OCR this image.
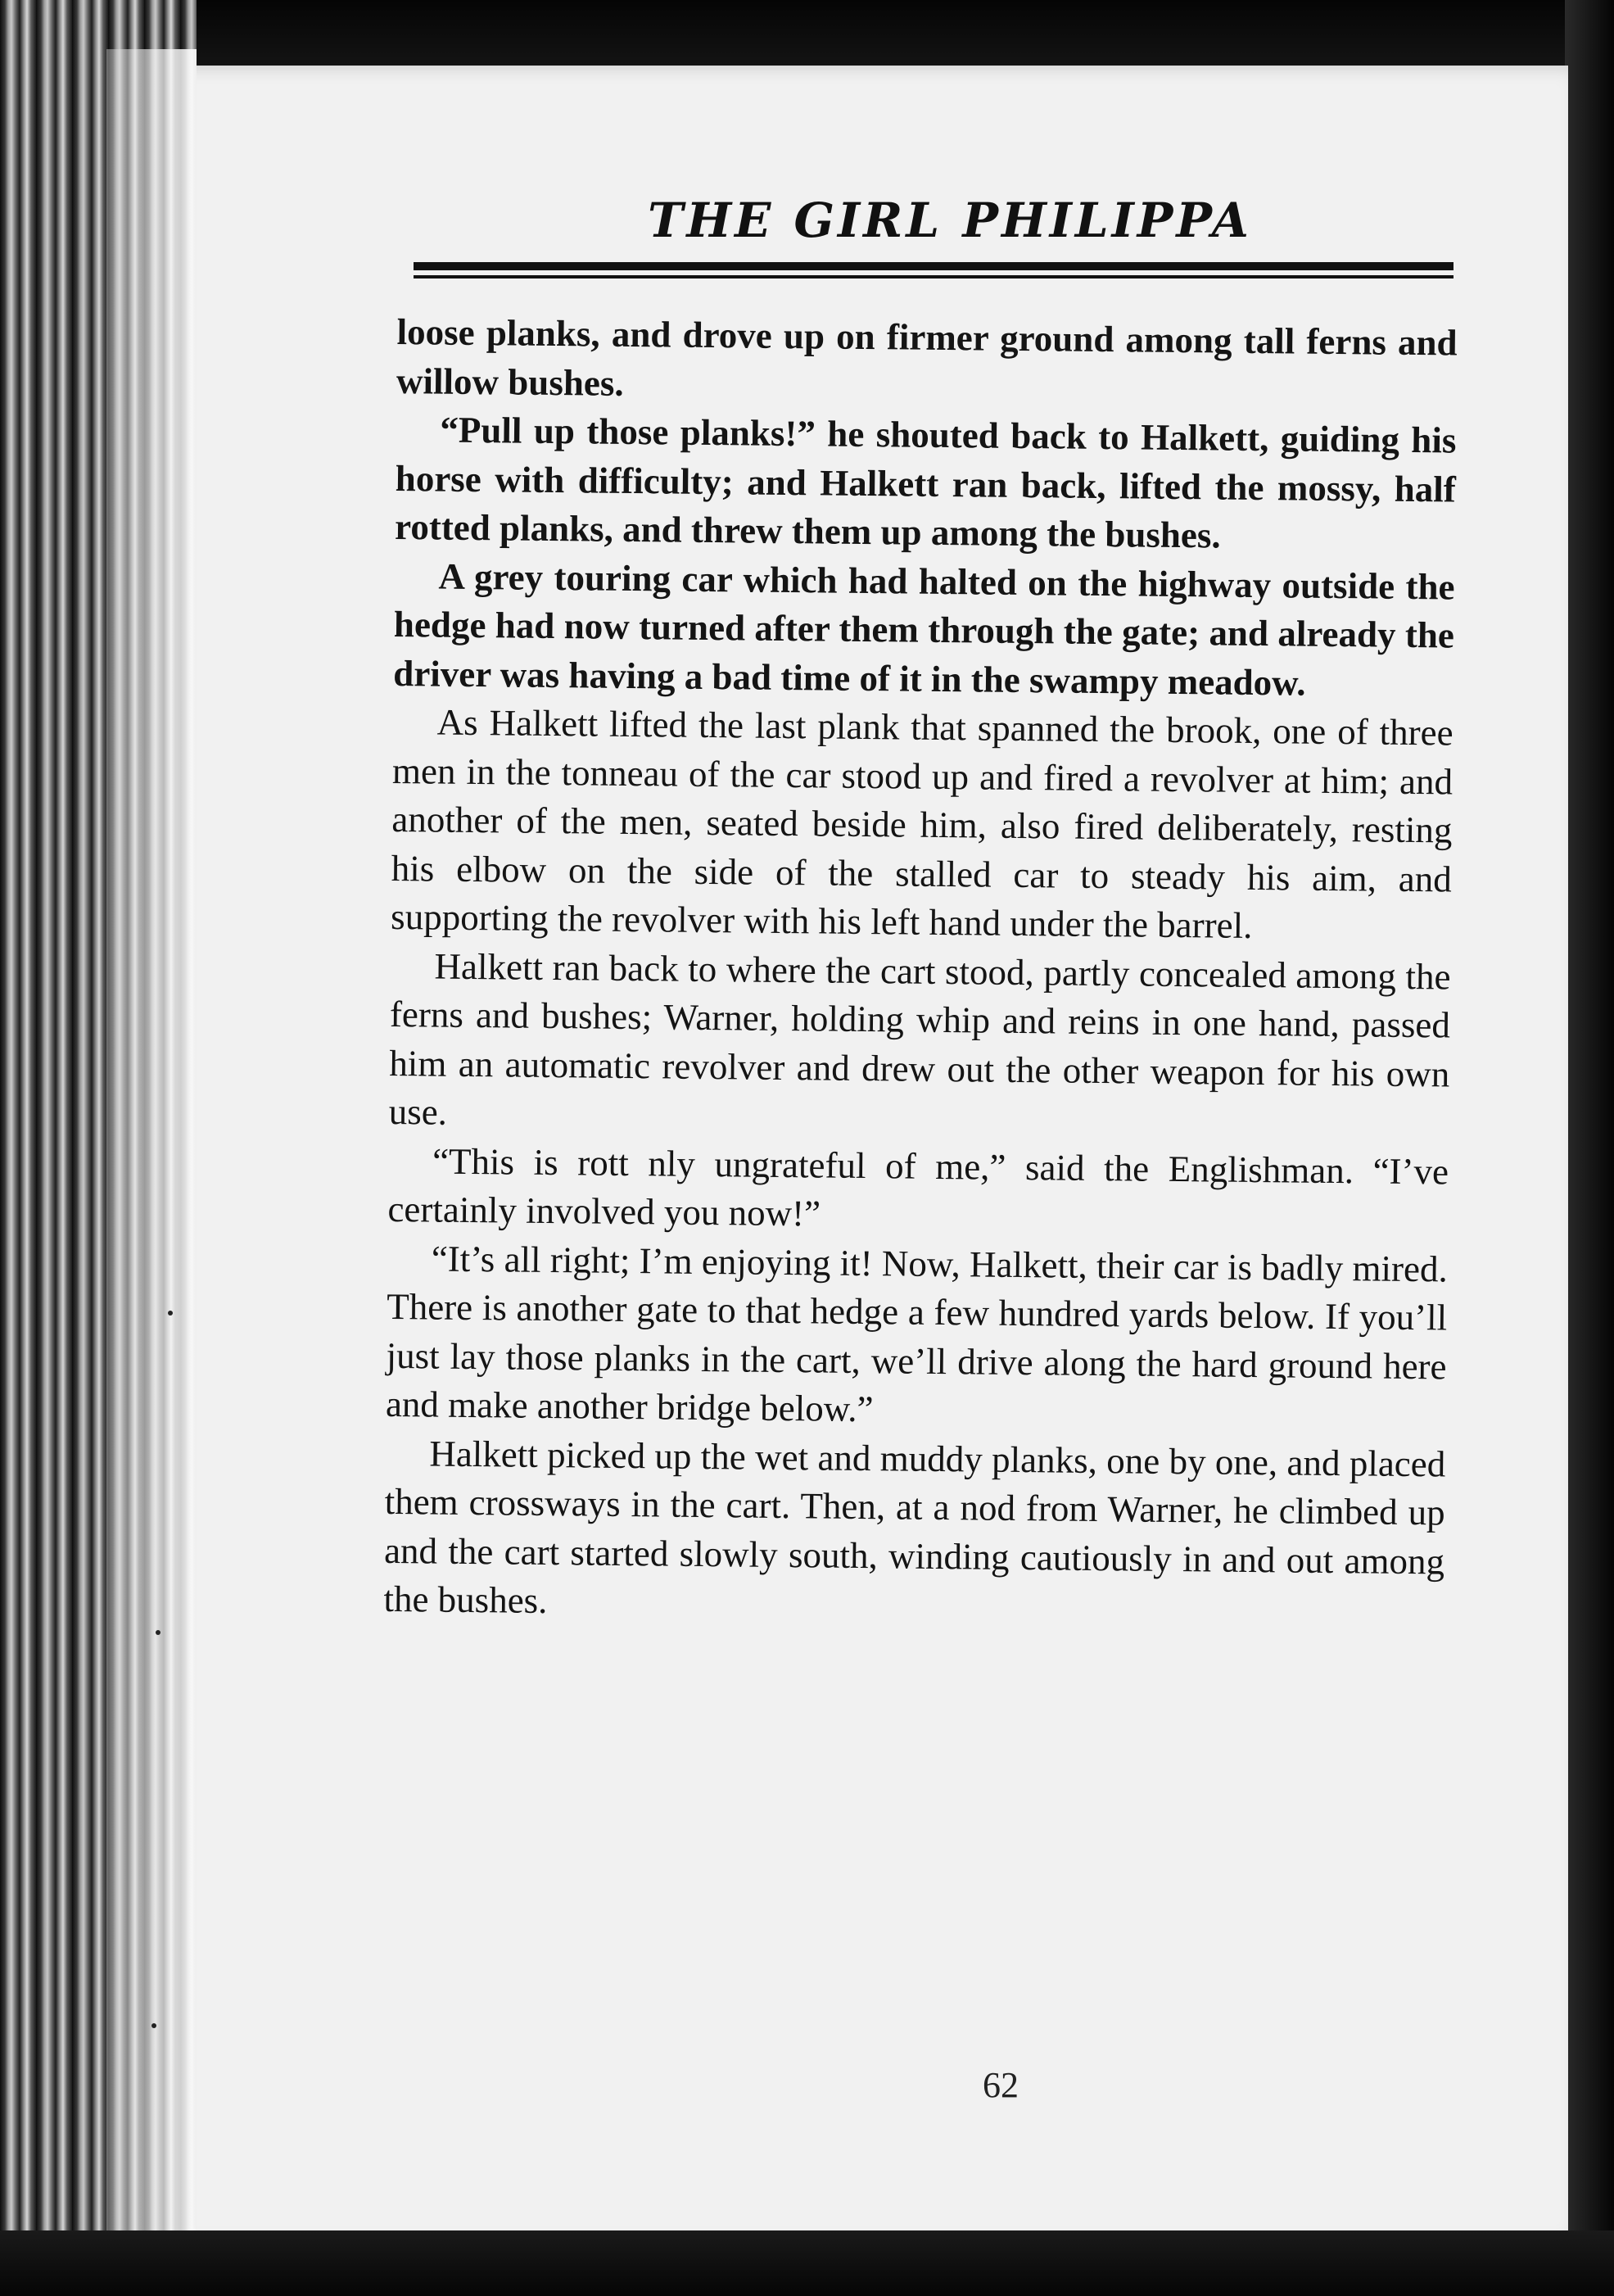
THE GIRL PHILIPPA

loose planks, and drove up on firmer ground among tall ferns and willow bushes.

“Pull up those planks!” he shouted back to Halkett, guiding his horse with difficulty; and Halkett ran back, lifted the mossy, half rotted planks, and threw them up among the bushes.

A grey touring car which had halted on the highway outside the hedge had now turned after them through the gate; and already the driver was having a bad time of it in the swampy meadow.

As Halkett lifted the last plank that spanned the brook, one of three men in the tonneau of the car stood up and fired a revolver at him; and another of the men, seated beside him, also fired deliberately, resting his elbow on the side of the stalled car to steady his aim, and supporting the revolver with his left hand under the barrel.

Halkett ran back to where the cart stood, partly concealed among the ferns and bushes; Warner, holding whip and reins in one hand, passed him an automatic revolver and drew out the other weapon for his own use.

“This is rott nly ungrateful of me,” said the Englishman. “I’ve certainly involved you now!”

“It’s all right; I’m enjoying it! Now, Halkett, their car is badly mired. There is another gate to that hedge a few hundred yards below. If you’ll just lay those planks in the cart, we’ll drive along the hard ground here and make another bridge below.”

Halkett picked up the wet and muddy planks, one by one, and placed them crossways in the cart. Then, at a nod from Warner, he climbed up and the cart started slowly south, winding cautiously in and out among the bushes.

62
